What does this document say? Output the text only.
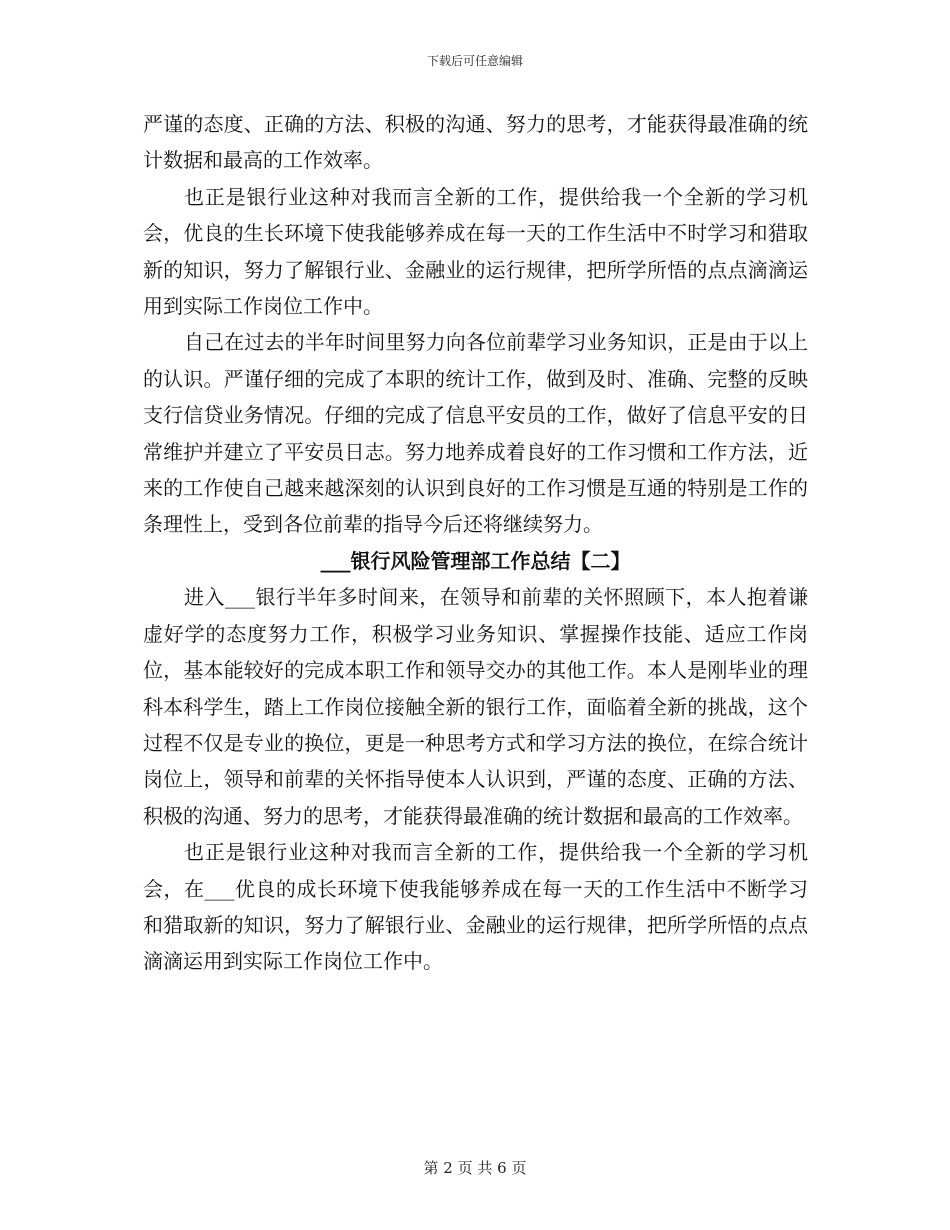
下载后可任意编辑

严谨的态度、正确的方法、积极的沟通、努力的思考，才能获得最准确的统计数据和最高的工作效率。

也正是银行业这种对我而言全新的工作，提供给我一个全新的学习机会，优良的生长环境下使我能够养成在每一天的工作生活中不时学习和猎取新的知识，努力了解银行业、金融业的运行规律，把所学所悟的点点滴滴运用到实际工作岗位工作中。

自己在过去的半年时间里努力向各位前辈学习业务知识，正是由于以上的认识。严谨仔细的完成了本职的统计工作，做到及时、准确、完整的反映支行信贷业务情况。仔细的完成了信息平安员的工作，做好了信息平安的日常维护并建立了平安员日志。努力地养成着良好的工作习惯和工作方法，近来的工作使自己越来越深刻的认识到良好的工作习惯是互通的特别是工作的条理性上，受到各位前辈的指导今后还将继续努力。

___银行风险管理部工作总结【二】

进入___银行半年多时间来，在领导和前辈的关怀照顾下，本人抱着谦虚好学的态度努力工作，积极学习业务知识、掌握操作技能、适应工作岗位，基本能较好的完成本职工作和领导交办的其他工作。本人是刚毕业的理科本科学生，踏上工作岗位接触全新的银行工作，面临着全新的挑战，这个过程不仅是专业的换位，更是一种思考方式和学习方法的换位，在综合统计岗位上，领导和前辈的关怀指导使本人认识到，严谨的态度、正确的方法、积极的沟通、努力的思考，才能获得最准确的统计数据和最高的工作效率。

也正是银行业这种对我而言全新的工作，提供给我一个全新的学习机会，在___优良的成长环境下使我能够养成在每一天的工作生活中不断学习和猎取新的知识，努力了解银行业、金融业的运行规律，把所学所悟的点点滴滴运用到实际工作岗位工作中。

第 2 页 共 6 页
